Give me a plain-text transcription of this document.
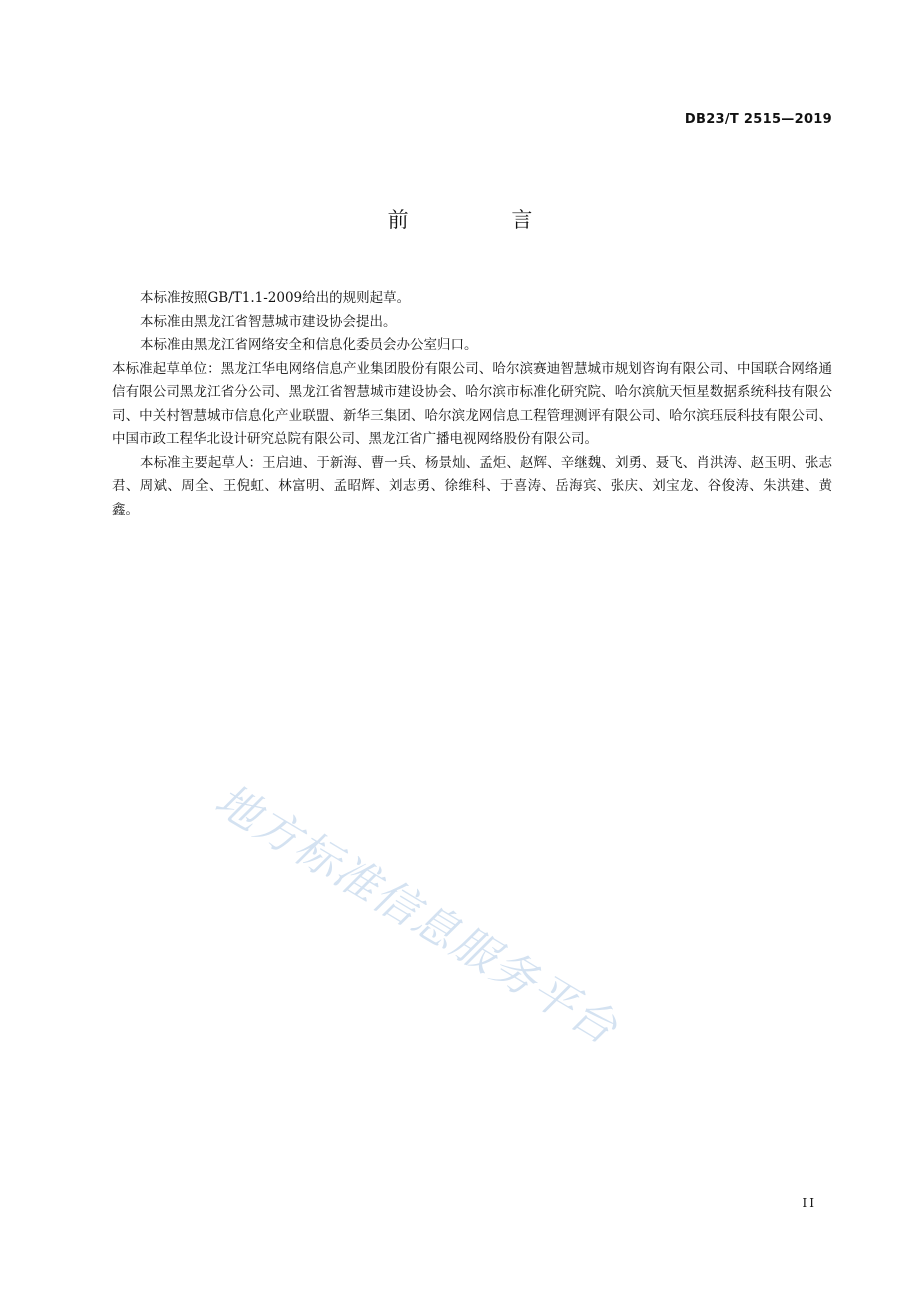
DB23/T 2515—2019
前 言

本标准按照GB/T1.1-2009给出的规则起草。

本标准由黑龙江省智慧城市建设协会提出。

本标准由黑龙江省网络安全和信息化委员会办公室归口。

本标准起草单位：黑龙江华电网络信息产业集团股份有限公司、哈尔滨赛迪智慧城市规划咨询有限公司、中国联合网络通信有限公司黑龙江省分公司、黑龙江省智慧城市建设协会、哈尔滨市标准化研究院、哈尔滨航天恒星数据系统科技有限公司、中关村智慧城市信息化产业联盟、新华三集团、哈尔滨龙网信息工程管理测评有限公司、哈尔滨珏辰科技有限公司、中国市政工程华北设计研究总院有限公司、黑龙江省广播电视网络股份有限公司。

本标准主要起草人：王启迪、于新海、曹一兵、杨景灿、孟炬、赵辉、辛继魏、刘勇、聂飞、肖洪涛、赵玉明、张志君、周斌、周全、王倪虹、林富明、孟昭辉、刘志勇、徐维科、于喜涛、岳海宾、张庆、刘宝龙、谷俊涛、朱洪建、黄鑫。

地方标准信息服务平台
II
